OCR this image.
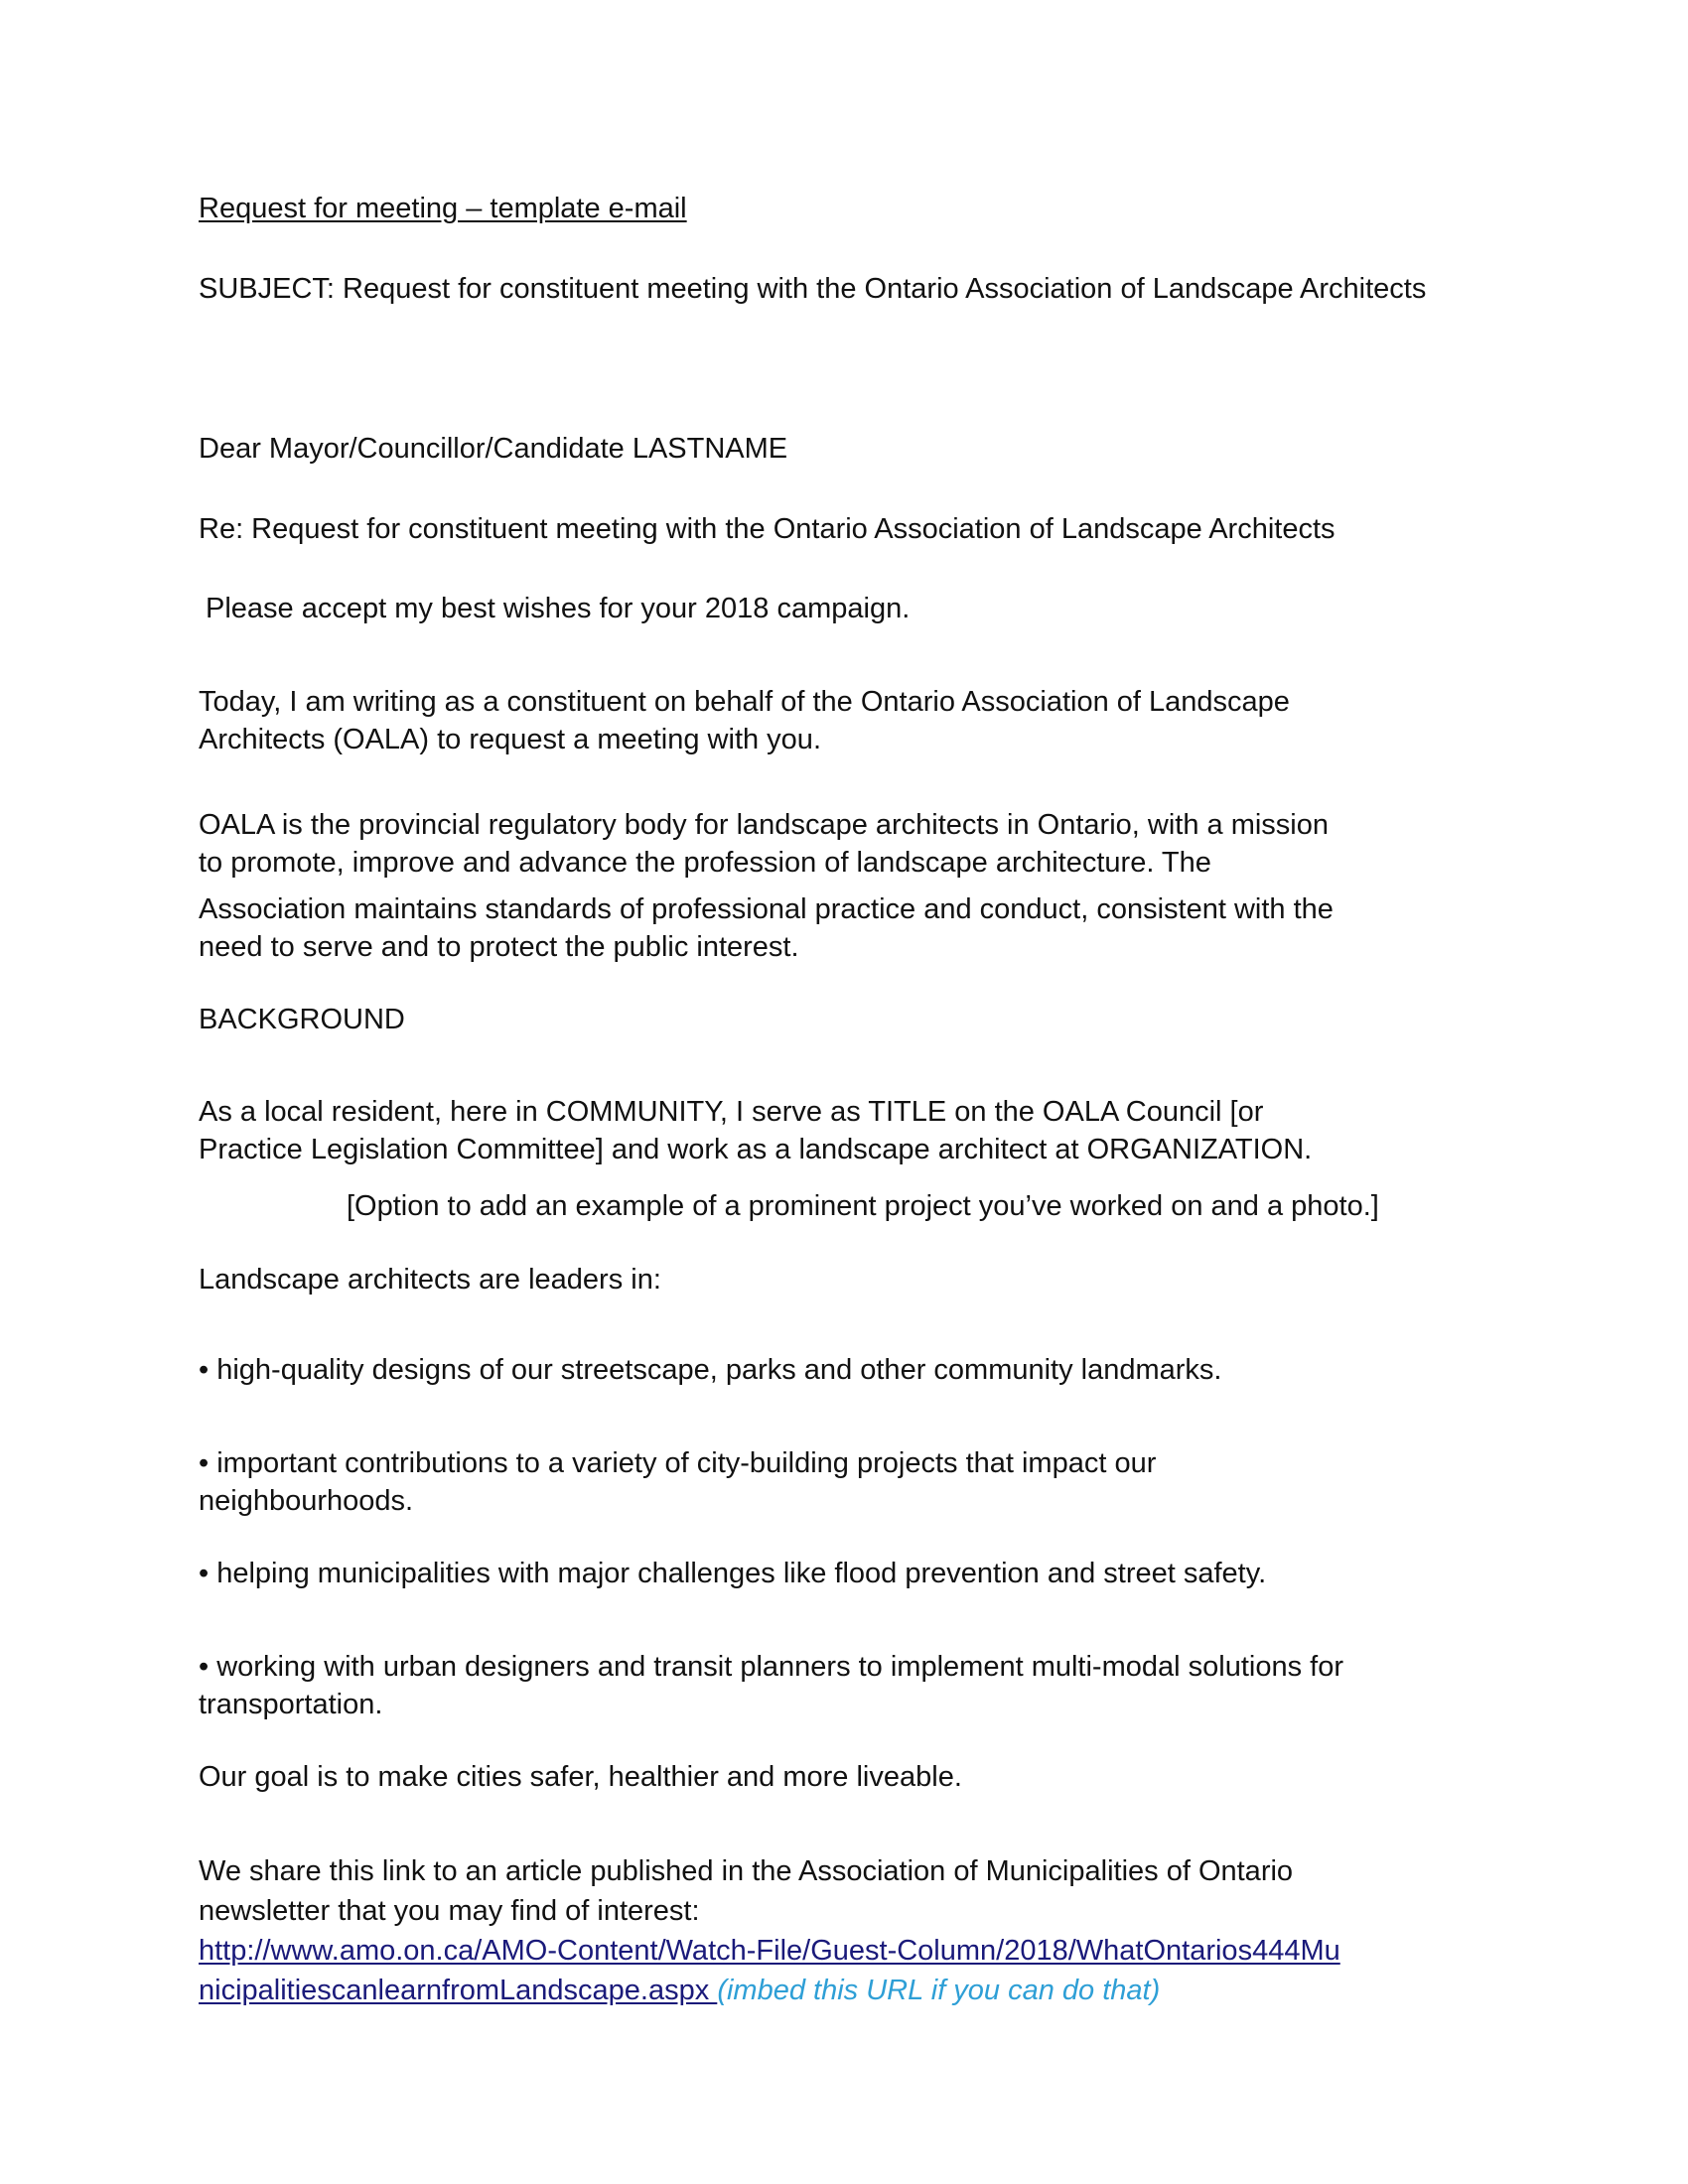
Request for meeting – template e-mail

SUBJECT: Request for constituent meeting with the Ontario Association of Landscape Architects

Dear Mayor/Councillor/Candidate LASTNAME

Re: Request for constituent meeting with the Ontario Association of Landscape Architects

Please accept my best wishes for your 2018 campaign.

Today, I am writing as a constituent on behalf of the Ontario Association of Landscape

Architects (OALA) to request a meeting with you.

OALA is the provincial regulatory body for landscape architects in Ontario, with a mission

to promote, improve and advance the profession of landscape architecture. The

Association maintains standards of professional practice and conduct, consistent with the

need to serve and to protect the public interest.

BACKGROUND

As a local resident, here in COMMUNITY, I serve as TITLE on the OALA Council [or

Practice Legislation Committee] and work as a landscape architect at ORGANIZATION.

[Option to add an example of a prominent project you’ve worked on and a photo.]

Landscape architects are leaders in:

• high-quality designs of our streetscape, parks and other community landmarks.

• important contributions to a variety of city-building projects that impact our

neighbourhoods.

• helping municipalities with major challenges like flood prevention and street safety.

• working with urban designers and transit planners to implement multi-modal solutions for

transportation.

Our goal is to make cities safer, healthier and more liveable.

We share this link to an article published in the Association of Municipalities of Ontario

newsletter that you may find of interest:

http://www.amo.on.ca/AMO-Content/Watch-File/Guest-Column/2018/WhatOntarios444Mu

nicipalitiescanlearnfromLandscape.aspx (imbed this URL if you can do that)
